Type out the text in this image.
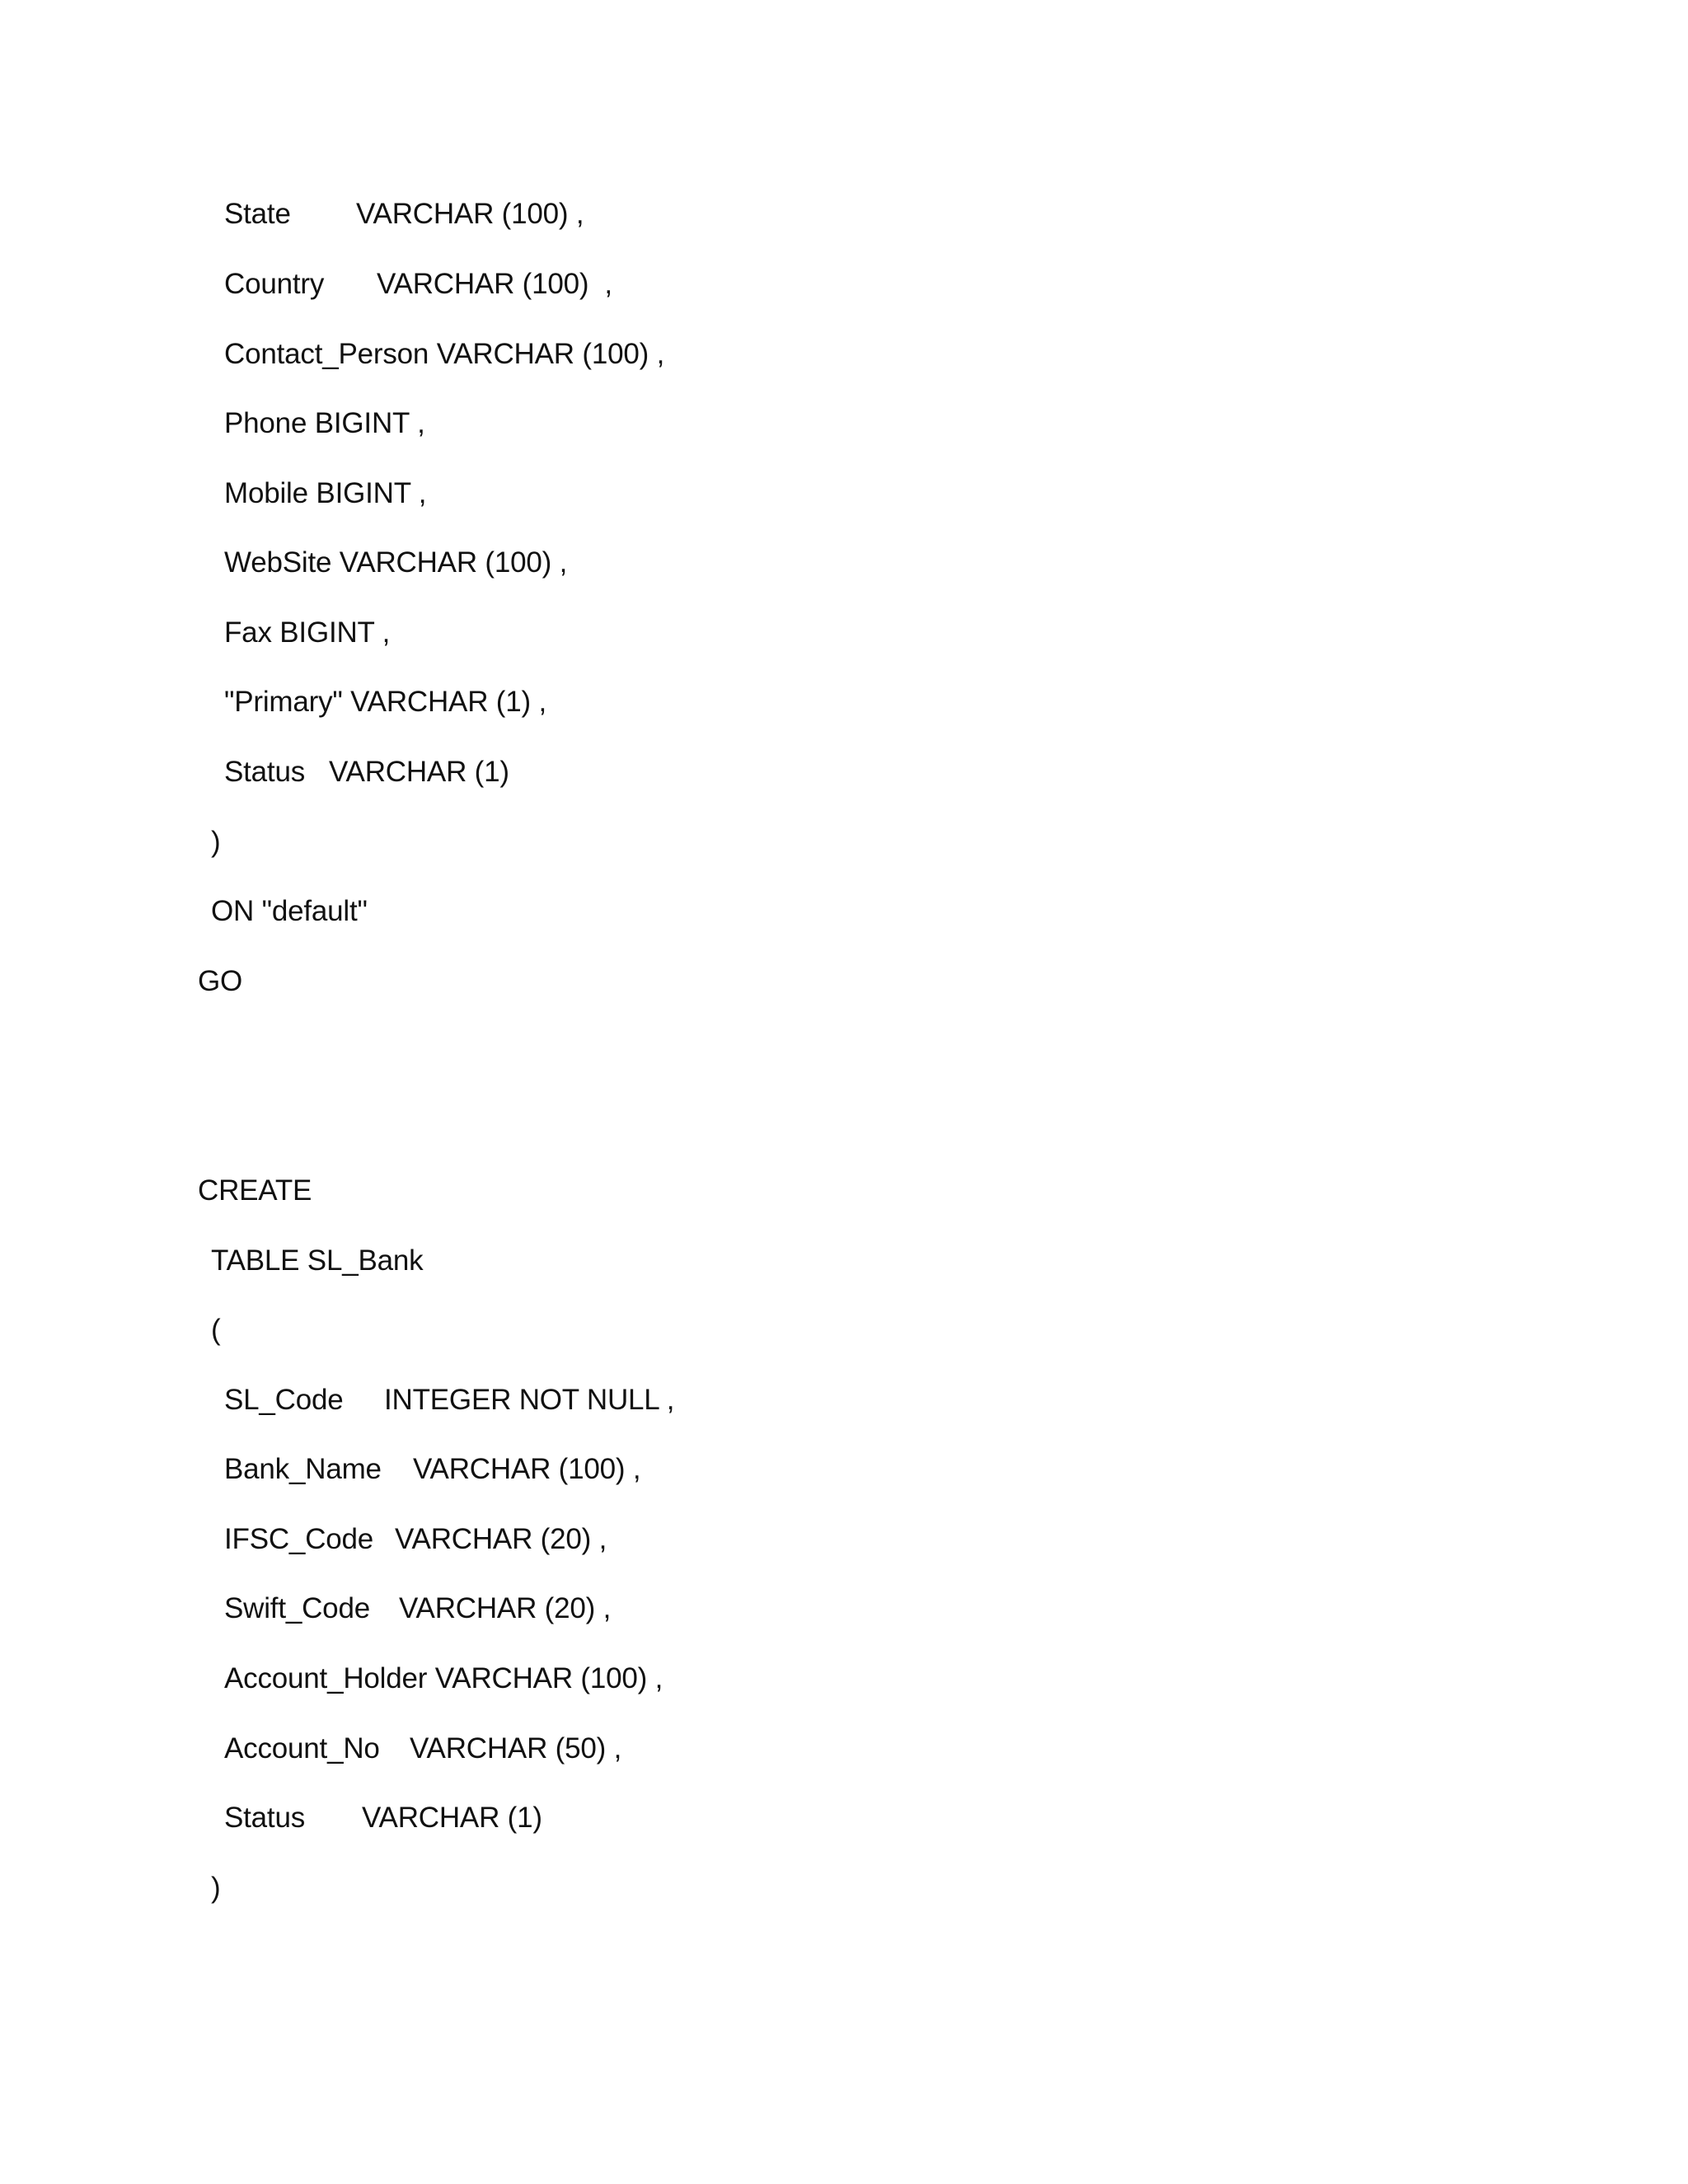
State

VARCHAR (100) ,

Country

VARCHAR (100)  ,

Contact_Person VARCHAR (100) ,
Phone BIGINT ,
Mobile BIGINT ,
WebSite VARCHAR (100) ,
Fax BIGINT ,
"Primary" VARCHAR (1) ,

Status

VARCHAR (1)

)
ON "default"
GO
CREATE
TABLE SL_Bank
(

SL_Code

INTEGER NOT NULL ,

Bank_Name

VARCHAR (100) ,

IFSC_Code

VARCHAR (20) ,

Swift_Code

VARCHAR (20) ,

Account_Holder VARCHAR (100) ,

Account_No

VARCHAR (50) ,

Status

VARCHAR (1)

)
